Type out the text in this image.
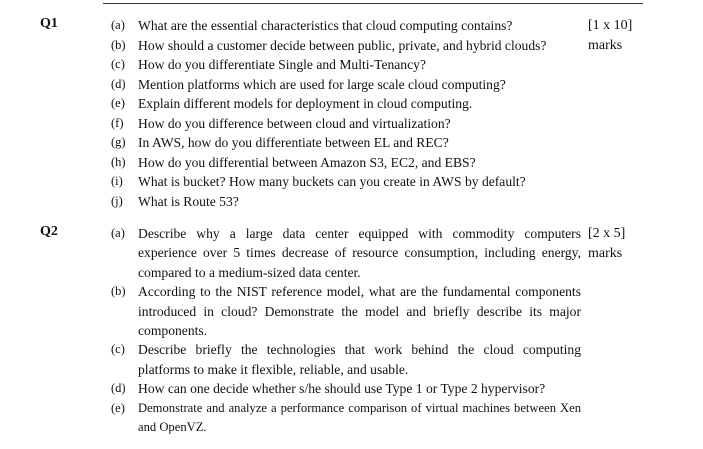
Q1	(a) What are the essential characteristics that cloud computing contains?
(b) How should a customer decide between public, private, and hybrid clouds?
(c) How do you differentiate Single and Multi-Tenancy?
(d) Mention platforms which are used for large scale cloud computing?
(e) Explain different models for deployment in cloud computing.
(f)	How do you difference between cloud and virtualization?
(g) In AWS, how do you differentiate between EL and REC?
(h) How do you differential between Amazon S3, EC2, and EBS?
(i)	What is bucket? How many buckets can you create in AWS by default?
(j)	What is Route 53?
[1 x 10]
marks
Q2	(a) Describe why a large data center equipped with commodity computers experience over 5 times decrease of resource consumption, including energy, compared to a medium-sized data center.
(b) According to the NIST reference model, what are the fundamental components introduced in cloud? Demonstrate the model and briefly describe its major components.
(c) Describe briefly the technologies that work behind the cloud computing platforms to make it flexible, reliable, and usable.
(d) How can one decide whether s/he should use Type 1 or Type 2 hypervisor?
(e)	Demonstrate and analyze a performance comparison of virtual machines between Xen and OpenVZ.
[2 x 5]
marks
